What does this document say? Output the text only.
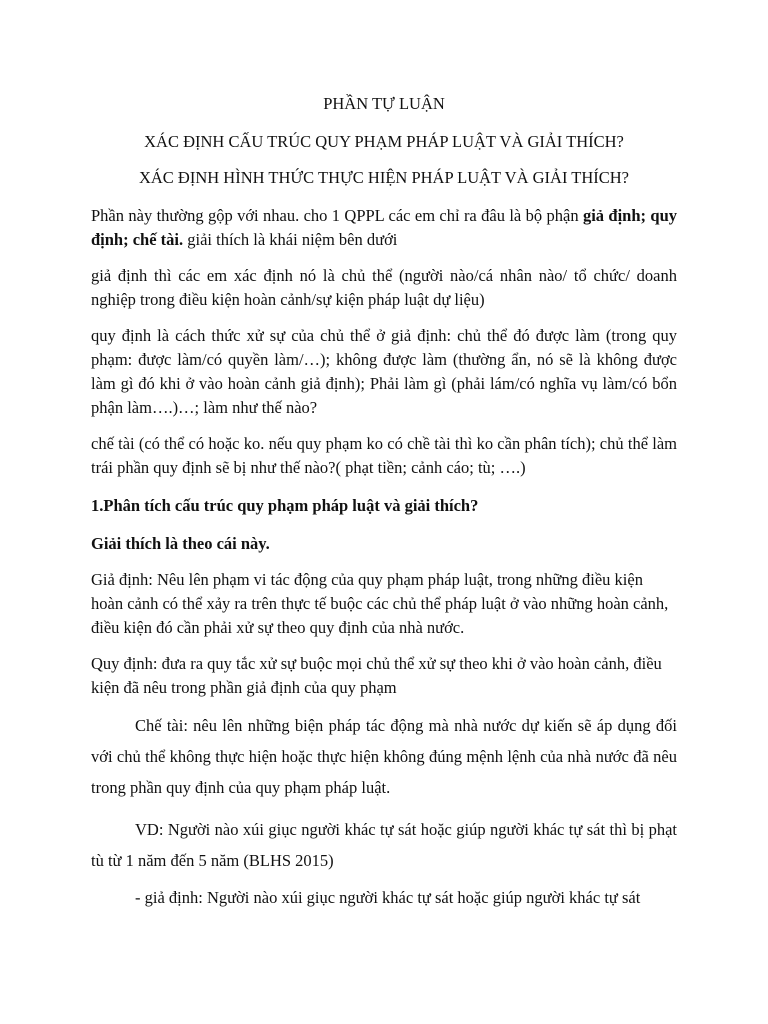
PHẦN TỰ LUẬN

XÁC ĐỊNH CẤU TRÚC QUY PHẠM PHÁP LUẬT VÀ GIẢI THÍCH?

XÁC ĐỊNH HÌNH THỨC THỰC HIỆN PHÁP LUẬT VÀ GIẢI THÍCH?

Phần này thường gộp với nhau. cho 1 QPPL các em chỉ ra đâu là bộ phận giả định; quy định; chế tài. giải thích là khái niệm bên dưới

giả định thì các em xác định nó là chủ thể (người nào/cá nhân nào/ tổ chức/ doanh nghiệp trong điều kiện hoàn cảnh/sự kiện pháp luật dự liệu)

quy định là cách thức xử sự của chủ thể ở giả định: chủ thể đó được làm (trong quy phạm: được làm/có quyền làm/…); không được làm (thường ẩn, nó sẽ là không được làm gì đó khi ở vào hoàn cảnh giả định); Phải làm gì (phải lám/có nghĩa vụ làm/có bổn phận làm….)…; làm như thế nào?

chế tài (có thể có hoặc ko. nếu quy phạm ko có chề tài thì ko cần phân tích); chủ thể làm trái phần quy định sẽ bị như thế nào?( phạt tiền; cảnh cáo; tù; ….)

1.Phân tích cấu trúc quy phạm pháp luật và giải thích?

Giải thích là theo cái này.

Giả định: Nêu lên phạm vi tác động của quy phạm pháp luật, trong những điều kiện hoàn cảnh có thể xảy ra trên thực tế buộc các chủ thể pháp luật ở vào những hoàn cảnh, điều kiện đó cần phải xử sự theo quy định của nhà nước.

Quy định: đưa ra quy tắc xử sự buộc mọi chủ thể xử sự theo khi ở vào hoàn cảnh, điều kiện đã nêu trong phần giả định của quy phạm

Chế tài: nêu lên những biện pháp tác động mà nhà nước dự kiến sẽ áp dụng đối với chủ thể không thực hiện hoặc thực hiện không đúng mệnh lệnh của nhà nước đã nêu trong phần quy định của quy phạm pháp luật.

VD: Người nào xúi giục người khác tự sát hoặc giúp người khác tự sát thì bị phạt tù từ 1 năm đến 5 năm (BLHS 2015)

- giả định: Người nào xúi giục người khác tự sát hoặc giúp người khác tự sát
